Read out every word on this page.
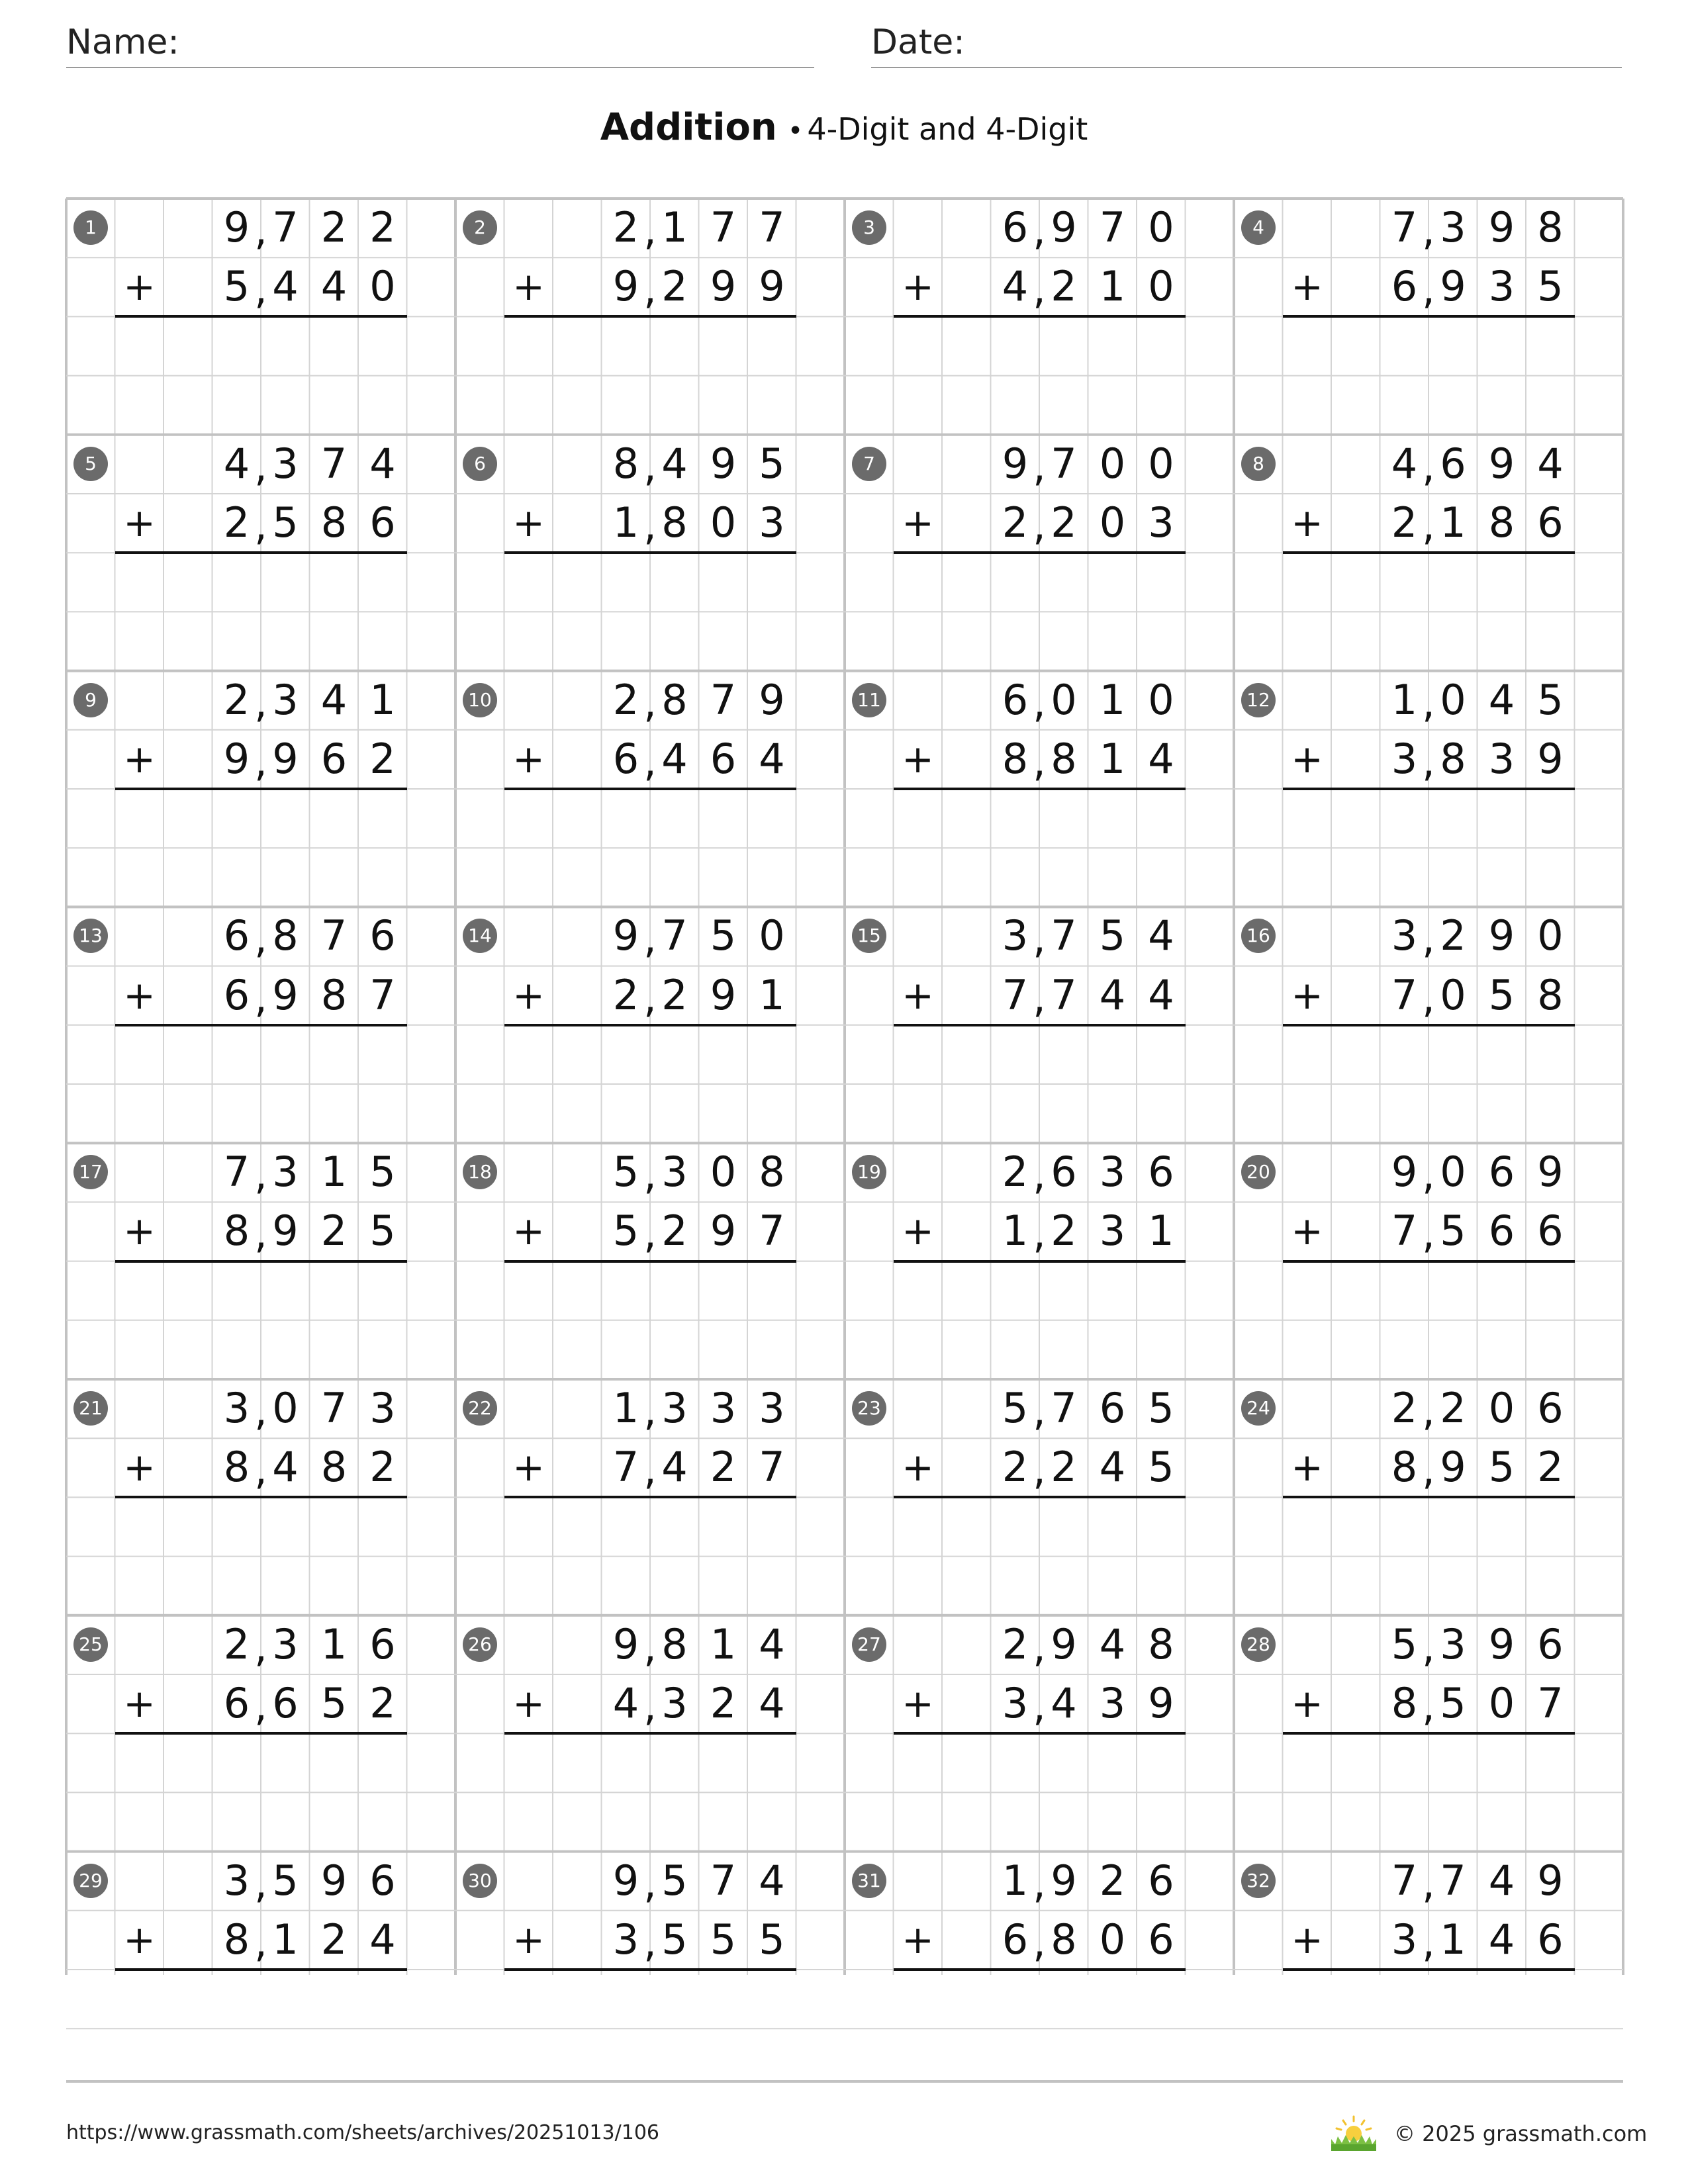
Name:	Date:
Addition • 4-Digit and 4-Digit
1	9 7 2 2
,
5 4 4 0
,
+
2	2 1 7 7
,
9 2 9 9
,
+
3	6 9 7 0
,
4 2 1 0
,
+
4	7 3 9 8
,
6 9 3 5
,
+
5	4 3 7 4
,
2 5 8 6
,
+
6	8 4 9 5
,
1 8 0 3
,
+
7	9 7 0 0
,
2 2 0 3
,
+
8	4 6 9 4
,
2 1 8 6
,
+
9	2 3 4 1
,
9 9 6 2
,
+
10	2 8 7 9
,
6 4 6 4
,
+
11	6 0 1 0
,
8 8 1 4
,
+
12	1 0 4 5
,
3 8 3 9
,
+
13	6 8 7 6
,
6 9 8 7
,
+
14	9 7 5 0
,
2 2 9 1
,
+
15	3 7 5 4
,
7 7 4 4
,
+
16	3 2 9 0
,
7 0 5 8
,
+
17	7 3 1 5
,
8 9 2 5
,
+
18	5 3 0 8
,
5 2 9 7
,
+
19	2 6 3 6
,
1 2 3 1
,
+
20	9 0 6 9
,
7 5 6 6
,
+
21	3 0 7 3
,
8 4 8 2
,
+
22	1 3 3 3
,
7 4 2 7
,
+
23	5 7 6 5
,
2 2 4 5
,
+
24	2 2 0 6
,
8 9 5 2
,
+
25	2 3 1 6
,
6 6 5 2
,
+
26	9 8 1 4
,
4 3 2 4
,
+
27	2 9 4 8
,
3 4 3 9
,
+
28	5 3 9 6
,
8 5 0 7
,
+
29	3 5 9 6
,
8 1 2 4
,
+
30	9 5 7 4
,
3 5 5 5
,
+
31	1 9 2 6
,
6 8 0 6
,
+
32	7 7 4 9
,
3 1 4 6
,
+
https://www.grassmath.com/sheets/archives/20251013/106	© 2025 grassmath.com
